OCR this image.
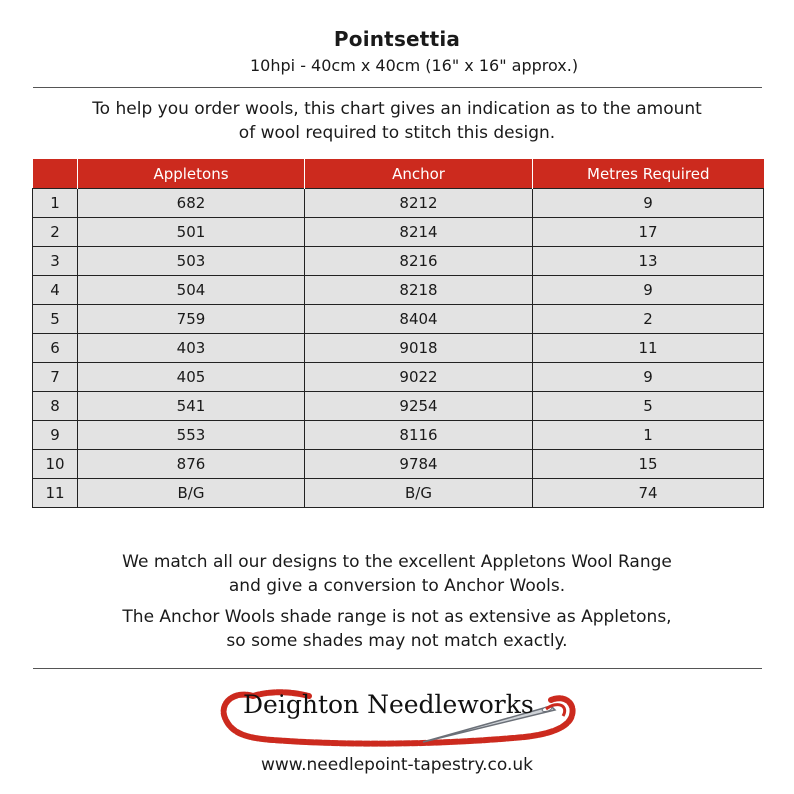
Pointsettia
10hpi - 40cm x 40cm (16" x 16" approx.)
To help you order wools, this chart gives an indication as to the amount
of wool required to stitch this design.
	Appletons	Anchor	Metres Required
1	682	8212	9
2	501	8214	17
3	503	8216	13
4	504	8218	9
5	759	8404	2
6	403	9018	11
7	405	9022	9
8	541	9254	5
9	553	8116	1
10	876	9784	15
11	B/G	B/G	74
We match all our designs to the excellent Appletons Wool Range
and give a conversion to Anchor Wools.
The Anchor Wools shade range is not as extensive as Appletons,
so some shades may not match exactly.
Deighton Needleworks
www.needlepoint-tapestry.co.uk
